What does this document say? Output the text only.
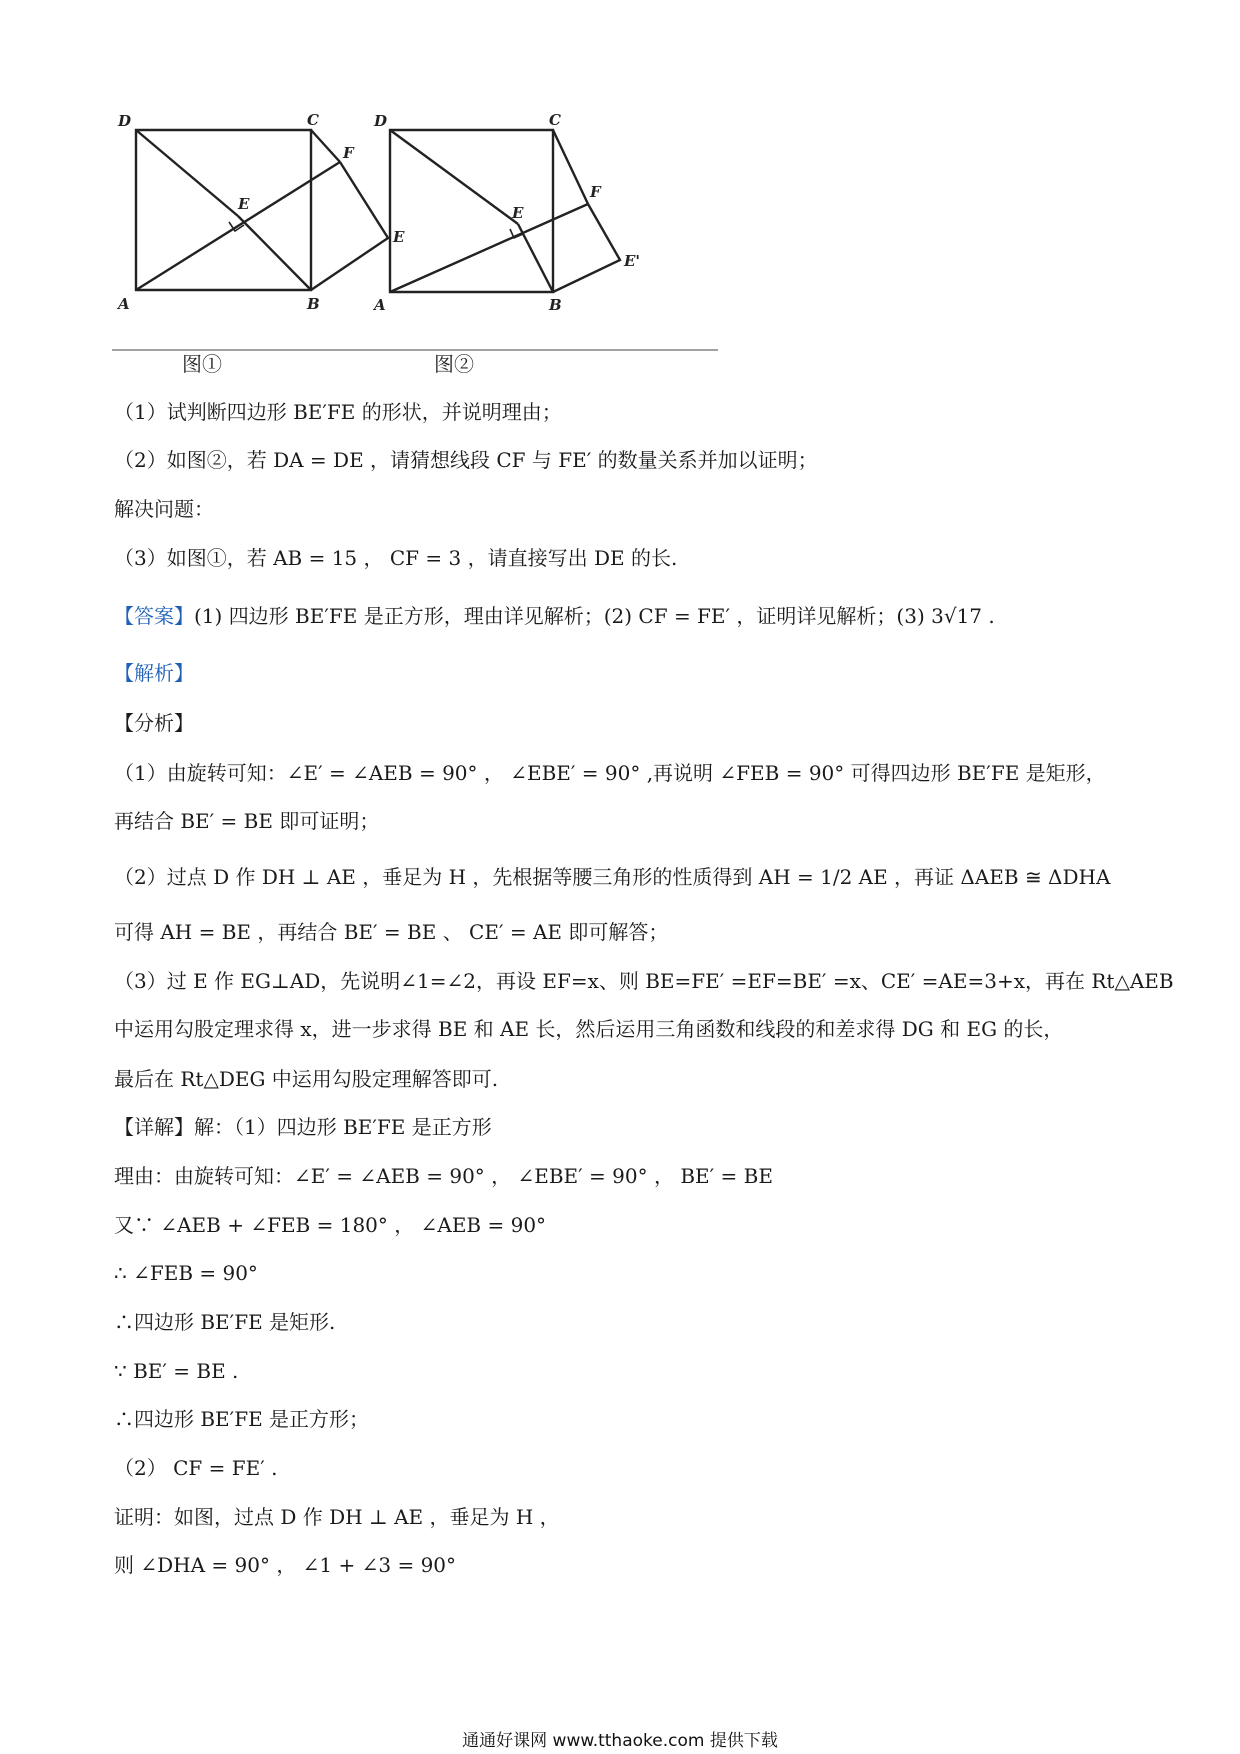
D	C
F
E
E
A	B
图①
D	C
F
E
E'
A	B
图②
（1）试判断四边形 BE′FE 的形状，并说明理由；
（2）如图②，若 DA = DE ，请猜想线段 CF 与 FE′ 的数量关系并加以证明；
解决问题：
（3）如图①，若 AB = 15 ， CF = 3 ，请直接写出 DE 的长.
【答案】(1) 四边形 BE′FE 是正方形，理由详见解析；(2) CF = FE′ ，证明详见解析；(3) 3√17 .
【解析】
【分析】
（1）由旋转可知：∠E′ = ∠AEB = 90° ， ∠EBE′ = 90° ,再说明 ∠FEB = 90° 可得四边形 BE′FE 是矩形，
再结合 BE′ = BE 即可证明；
（2）过点 D 作 DH ⊥ AE ，垂足为 H ，先根据等腰三角形的性质得到 AH = 1/2 AE ，再证 ΔAEB ≅ ΔDHA
可得 AH = BE ，再结合 BE′ = BE 、 CE′ = AE 即可解答；
（3）过 E 作 EG⊥AD，先说明∠1=∠2，再设 EF=x、则 BE=FE′ =EF=BE′ =x、CE′ =AE=3+x，再在 Rt△AEB
中运用勾股定理求得 x，进一步求得 BE 和 AE 长，然后运用三角函数和线段的和差求得 DG 和 EG 的长，
最后在 Rt△DEG 中运用勾股定理解答即可.
【详解】解：（1）四边形 BE′FE 是正方形
理由：由旋转可知：∠E′ = ∠AEB = 90° ， ∠EBE′ = 90° ， BE′ = BE
又∵ ∠AEB + ∠FEB = 180° ， ∠AEB = 90°
∴ ∠FEB = 90°
∴四边形 BE′FE 是矩形.
∵ BE′ = BE .
∴四边形 BE′FE 是正方形；
（2） CF = FE′ .
证明：如图，过点 D 作 DH ⊥ AE ，垂足为 H ，
则 ∠DHA = 90° ， ∠1 + ∠3 = 90°
通通好课网 www.tthaoke.com 提供下载
